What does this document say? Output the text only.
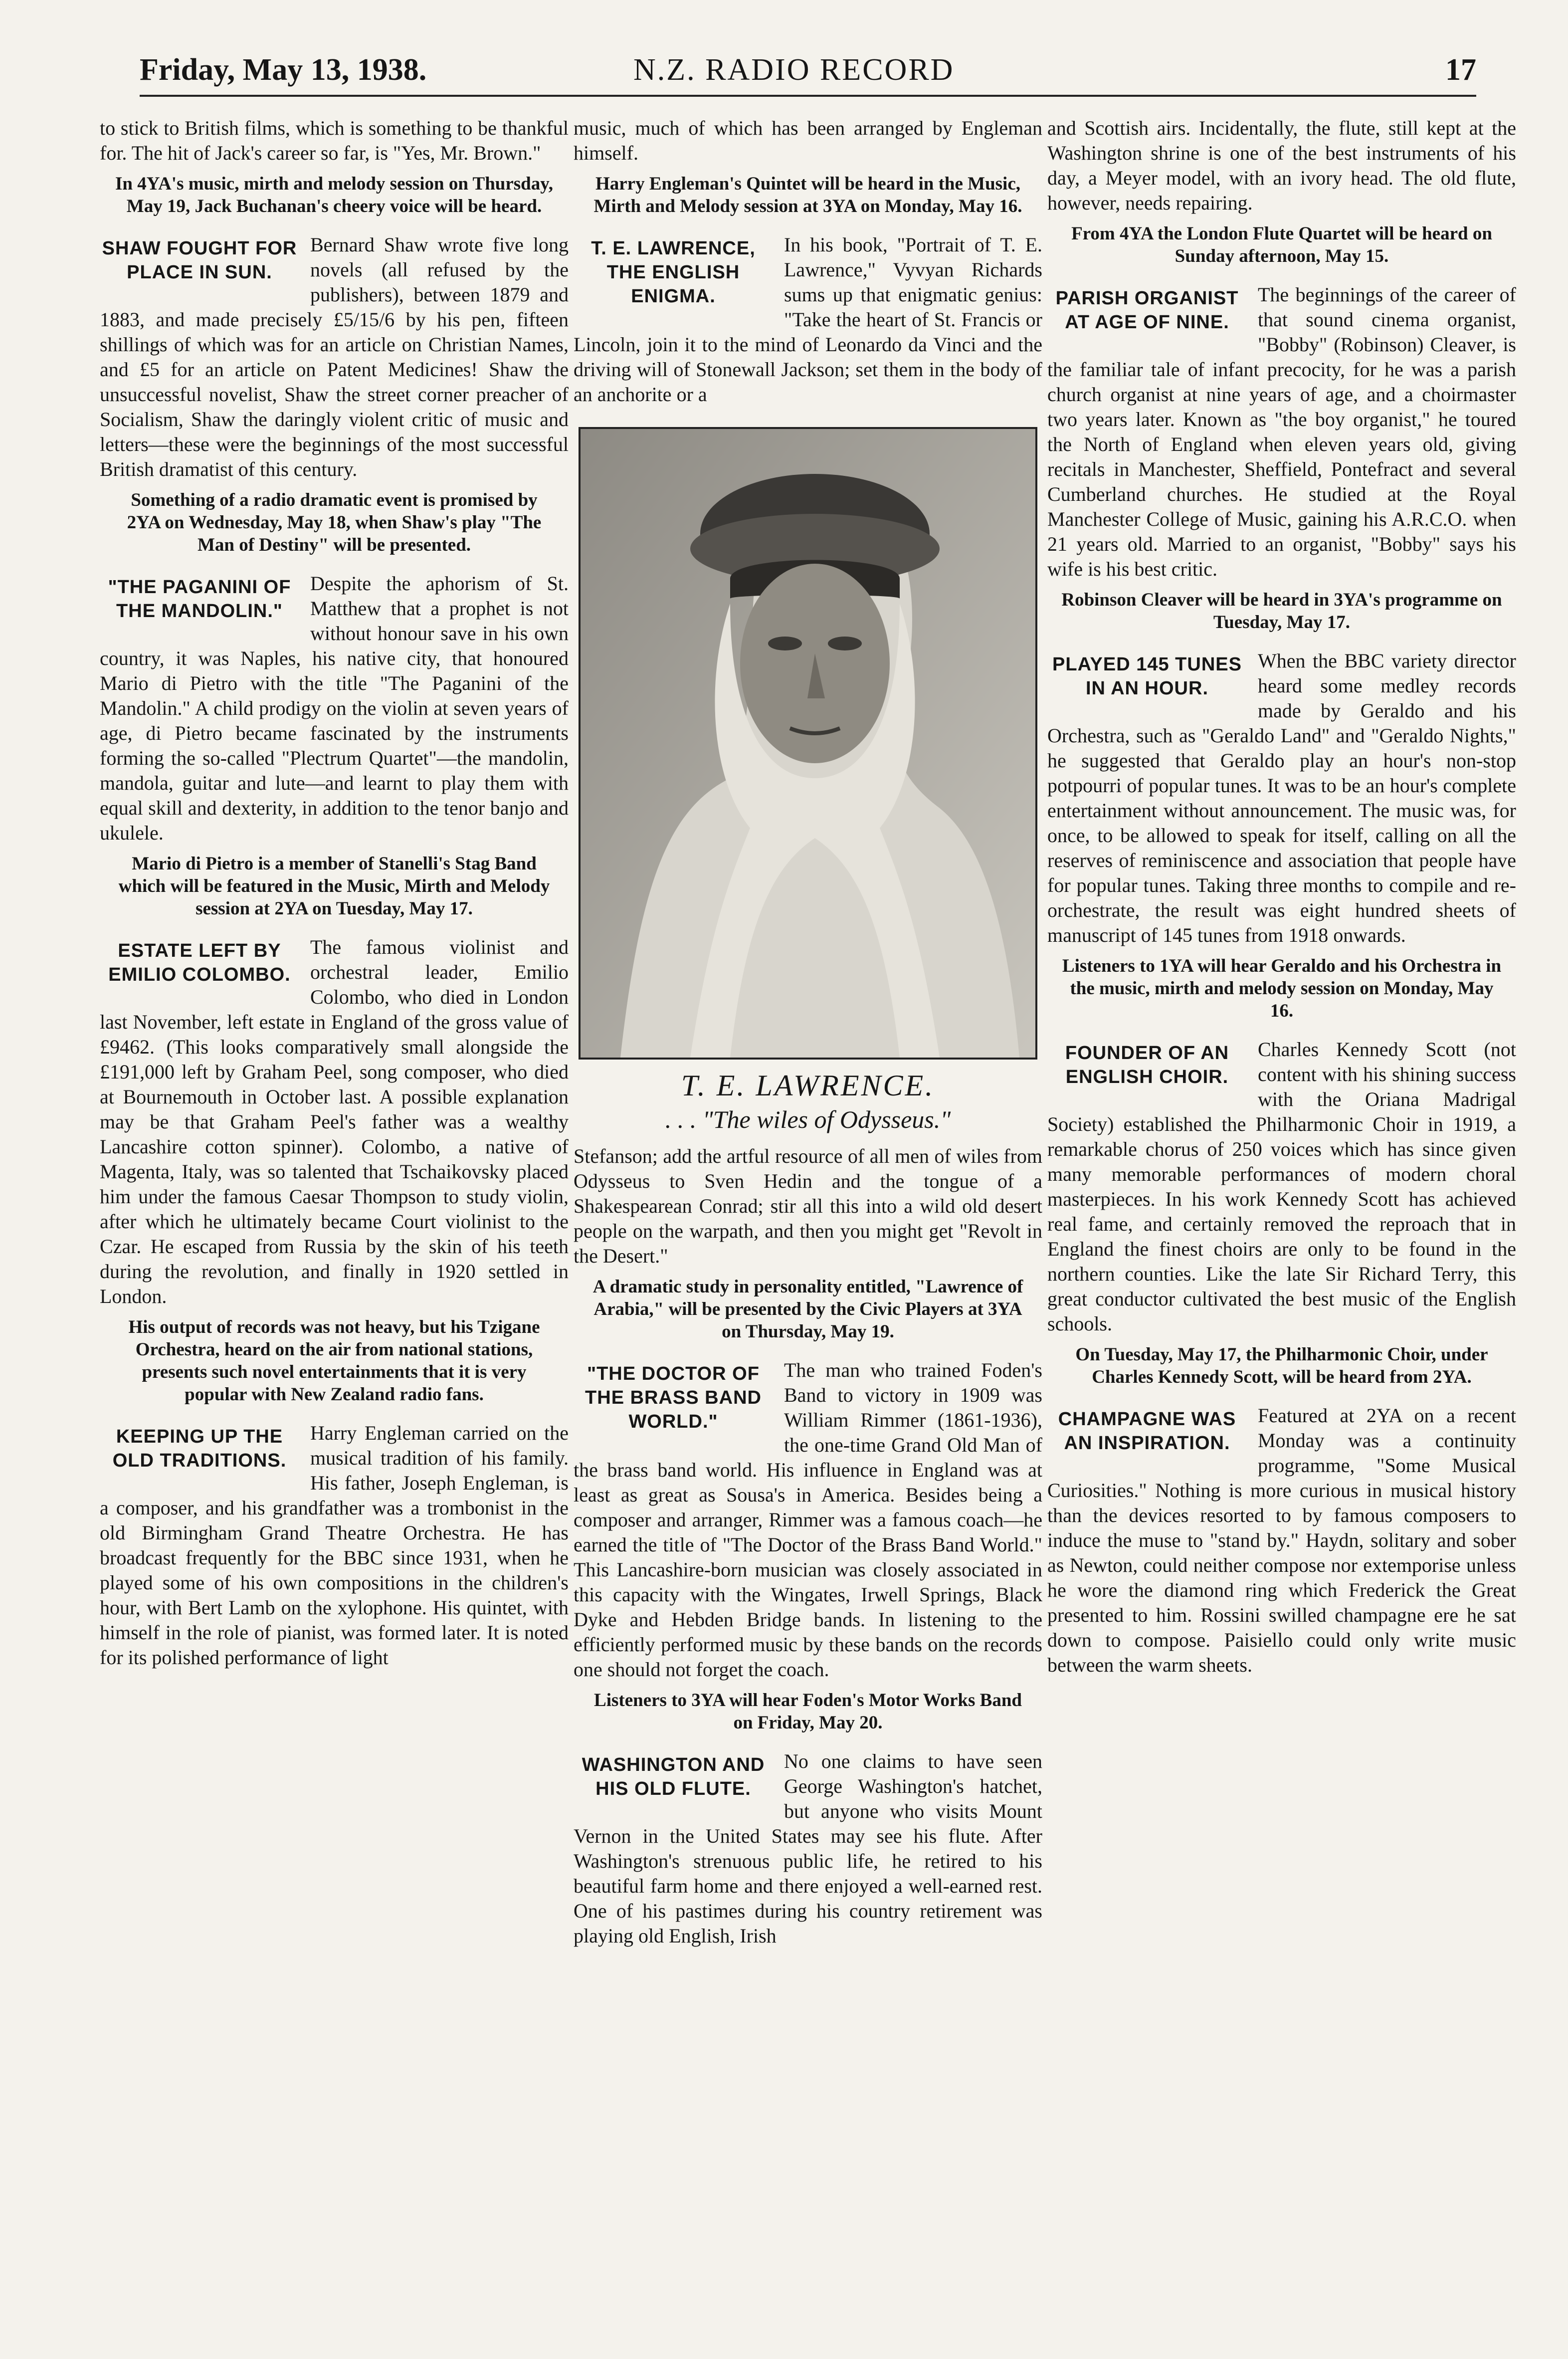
Friday, May 13, 1938.	N.Z. RADIO RECORD	17

to stick to British films, which is something to be thankful for. The hit of Jack's career so far, is "Yes, Mr. Brown."

In 4YA's music, mirth and melody session on Thursday, May 19, Jack Buchanan's cheery voice will be heard.

SHAW FOUGHT FOR PLACE IN SUN.

Bernard Shaw wrote five long novels (all refused by the publishers), between 1879 and 1883, and made precisely £5/15/6 by his pen, fifteen shillings of which was for an article on Christian Names, and £5 for an article on Patent Medicines! Shaw the unsuccessful novelist, Shaw the street corner preacher of Socialism, Shaw the daringly violent critic of music and letters—these were the beginnings of the most successful British dramatist of this century.

Something of a radio dramatic event is promised by 2YA on Wednesday, May 18, when Shaw's play "The Man of Destiny" will be presented.

"THE PAGANINI OF THE MANDOLIN."

Despite the aphorism of St. Matthew that a prophet is not without honour save in his own country, it was Naples, his native city, that honoured Mario di Pietro with the title "The Paganini of the Mandolin." A child prodigy on the violin at seven years of age, di Pietro became fascinated by the instruments forming the so-called "Plectrum Quartet"—the mandolin, mandola, guitar and lute—and learnt to play them with equal skill and dexterity, in addition to the tenor banjo and ukulele.

Mario di Pietro is a member of Stanelli's Stag Band which will be featured in the Music, Mirth and Melody session at 2YA on Tuesday, May 17.

ESTATE LEFT BY EMILIO COLOMBO.

The famous violinist and orchestral leader, Emilio Colombo, who died in London last November, left estate in England of the gross value of £9462. (This looks comparatively small alongside the £191,000 left by Graham Peel, song composer, who died at Bournemouth in October last. A possible explanation may be that Graham Peel's father was a wealthy Lancashire cotton spinner). Colombo, a native of Magenta, Italy, was so talented that Tschaikovsky placed him under the famous Caesar Thompson to study violin, after which he ultimately became Court violinist to the Czar. He escaped from Russia by the skin of his teeth during the revolution, and finally in 1920 settled in London.

His output of records was not heavy, but his Tzigane Orchestra, heard on the air from national stations, presents such novel entertainments that it is very popular with New Zealand radio fans.

KEEPING UP THE OLD TRADITIONS.

Harry Engleman carried on the musical tradition of his family. His father, Joseph Engleman, is a composer, and his grandfather was a trombonist in the old Birmingham Grand Theatre Orchestra. He has broadcast frequently for the BBC since 1931, when he played some of his own compositions in the children's hour, with Bert Lamb on the xylophone. His quintet, with himself in the role of pianist, was formed later. It is noted for its polished performance of light

music, much of which has been arranged by Engleman himself.

Harry Engleman's Quintet will be heard in the Music, Mirth and Melody session at 3YA on Monday, May 16.

T. E. LAWRENCE, THE ENGLISH ENIGMA.

In his book, "Portrait of T. E. Lawrence," Vyvyan Richards sums up that enigmatic genius: "Take the heart of St. Francis or Lincoln, join it to the mind of Leonardo da Vinci and the driving will of Stonewall Jackson; set them in the body of an anchorite or a

T. E. LAWRENCE.
. . . "The wiles of Odysseus."

Stefanson; add the artful resource of all men of wiles from Odysseus to Sven Hedin and the tongue of a Shakespearean Conrad; stir all this into a wild old desert people on the warpath, and then you might get "Revolt in the Desert."

A dramatic study in personality entitled, "Lawrence of Arabia," will be presented by the Civic Players at 3YA on Thursday, May 19.

"THE DOCTOR OF THE BRASS BAND WORLD."

The man who trained Foden's Band to victory in 1909 was William Rimmer (1861-1936), the one-time Grand Old Man of the brass band world. His influence in England was at least as great as Sousa's in America. Besides being a composer and arranger, Rimmer was a famous coach—he earned the title of "The Doctor of the Brass Band World." This Lancashire-born musician was closely associated in this capacity with the Wingates, Irwell Springs, Black Dyke and Hebden Bridge bands. In listening to the efficiently performed music by these bands on the records one should not forget the coach.

Listeners to 3YA will hear Foden's Motor Works Band on Friday, May 20.

WASHINGTON AND HIS OLD FLUTE.

No one claims to have seen George Washington's hatchet, but anyone who visits Mount Vernon in the United States may see his flute. After Washington's strenuous public life, he retired to his beautiful farm home and there enjoyed a well-earned rest. One of his pastimes during his country retirement was playing old English, Irish

and Scottish airs. Incidentally, the flute, still kept at the Washington shrine is one of the best instruments of his day, a Meyer model, with an ivory head. The old flute, however, needs repairing.

From 4YA the London Flute Quartet will be heard on Sunday afternoon, May 15.

PARISH ORGANIST AT AGE OF NINE.

The beginnings of the career of that sound cinema organist, "Bobby" (Robinson) Cleaver, is the familiar tale of infant precocity, for he was a parish church organist at nine years of age, and a choirmaster two years later. Known as "the boy organist," he toured the North of England when eleven years old, giving recitals in Manchester, Sheffield, Pontefract and several Cumberland churches. He studied at the Royal Manchester College of Music, gaining his A.R.C.O. when 21 years old. Married to an organist, "Bobby" says his wife is his best critic.

Robinson Cleaver will be heard in 3YA's programme on Tuesday, May 17.

PLAYED 145 TUNES IN AN HOUR.

When the BBC variety director heard some medley records made by Geraldo and his Orchestra, such as "Geraldo Land" and "Geraldo Nights," he suggested that Geraldo play an hour's non-stop potpourri of popular tunes. It was to be an hour's complete entertainment without announcement. The music was, for once, to be allowed to speak for itself, calling on all the reserves of reminiscence and association that people have for popular tunes. Taking three months to compile and re-orchestrate, the result was eight hundred sheets of manuscript of 145 tunes from 1918 onwards.

Listeners to 1YA will hear Geraldo and his Orchestra in the music, mirth and melody session on Monday, May 16.

FOUNDER OF AN ENGLISH CHOIR.

Charles Kennedy Scott (not content with his shining success with the Oriana Madrigal Society) established the Philharmonic Choir in 1919, a remarkable chorus of 250 voices which has since given many memorable performances of modern choral masterpieces. In his work Kennedy Scott has achieved real fame, and certainly removed the reproach that in England the finest choirs are only to be found in the northern counties. Like the late Sir Richard Terry, this great conductor cultivated the best music of the English schools.

On Tuesday, May 17, the Philharmonic Choir, under Charles Kennedy Scott, will be heard from 2YA.

CHAMPAGNE WAS AN INSPIRATION.

Featured at 2YA on a recent Monday was a continuity programme, "Some Musical Curiosities." Nothing is more curious in musical history than the devices resorted to by famous composers to induce the muse to "stand by." Haydn, solitary and sober as Newton, could neither compose nor extemporise unless he wore the diamond ring which Frederick the Great presented to him. Rossini swilled champagne ere he sat down to compose. Paisiello could only write music between the warm sheets.
